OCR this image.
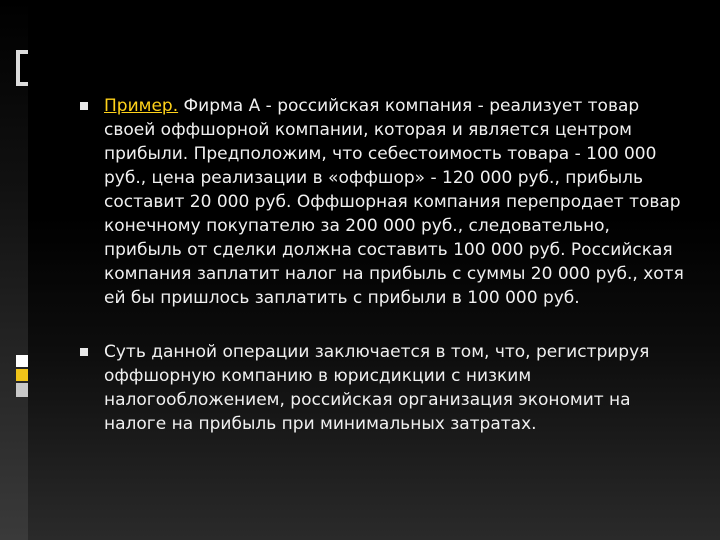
Пример. Фирма А - российская компания - реализует товар своей оффшорной компании, которая и является центром прибыли. Предположим, что себестоимость товара - 100 000 руб., цена реализации в «оффшор» - 120 000 руб., прибыль составит 20 000 руб. Оффшорная компания перепродает товар конечному покупателю за 200 000 руб., следовательно, прибыль от сделки должна составить 100 000 руб. Российская компания заплатит налог на прибыль с суммы 20 000 руб., хотя ей бы пришлось заплатить с прибыли в 100 000 руб.
Суть данной операции заключается в том, что, регистрируя оффшорную компанию в юрисдикции с низким налогообложением, российская организация экономит на налоге на прибыль при минимальных затратах.
